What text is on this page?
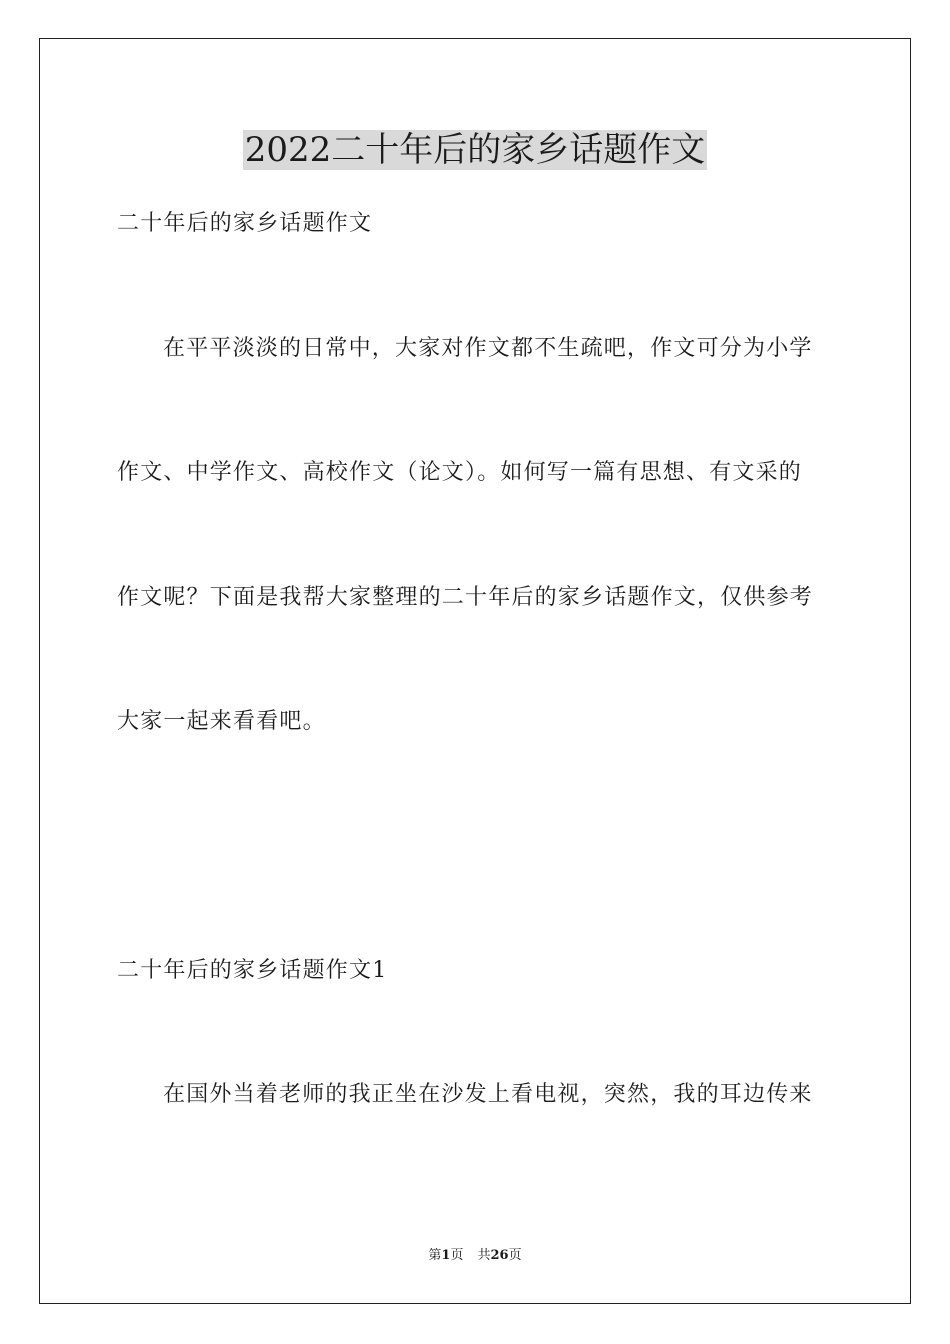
2022二十年后的家乡话题作文
二十年后的家乡话题作文
在平平淡淡的日常中，大家对作文都不生疏吧，作文可分为小学
作文、中学作文、高校作文（论文）。如何写一篇有思想、有文采的
作文呢？下面是我帮大家整理的二十年后的家乡话题作文，仅供参考
大家一起来看看吧。
二十年后的家乡话题作文1
在国外当着老师的我正坐在沙发上看电视，突然，我的耳边传来
第1页 共26页
